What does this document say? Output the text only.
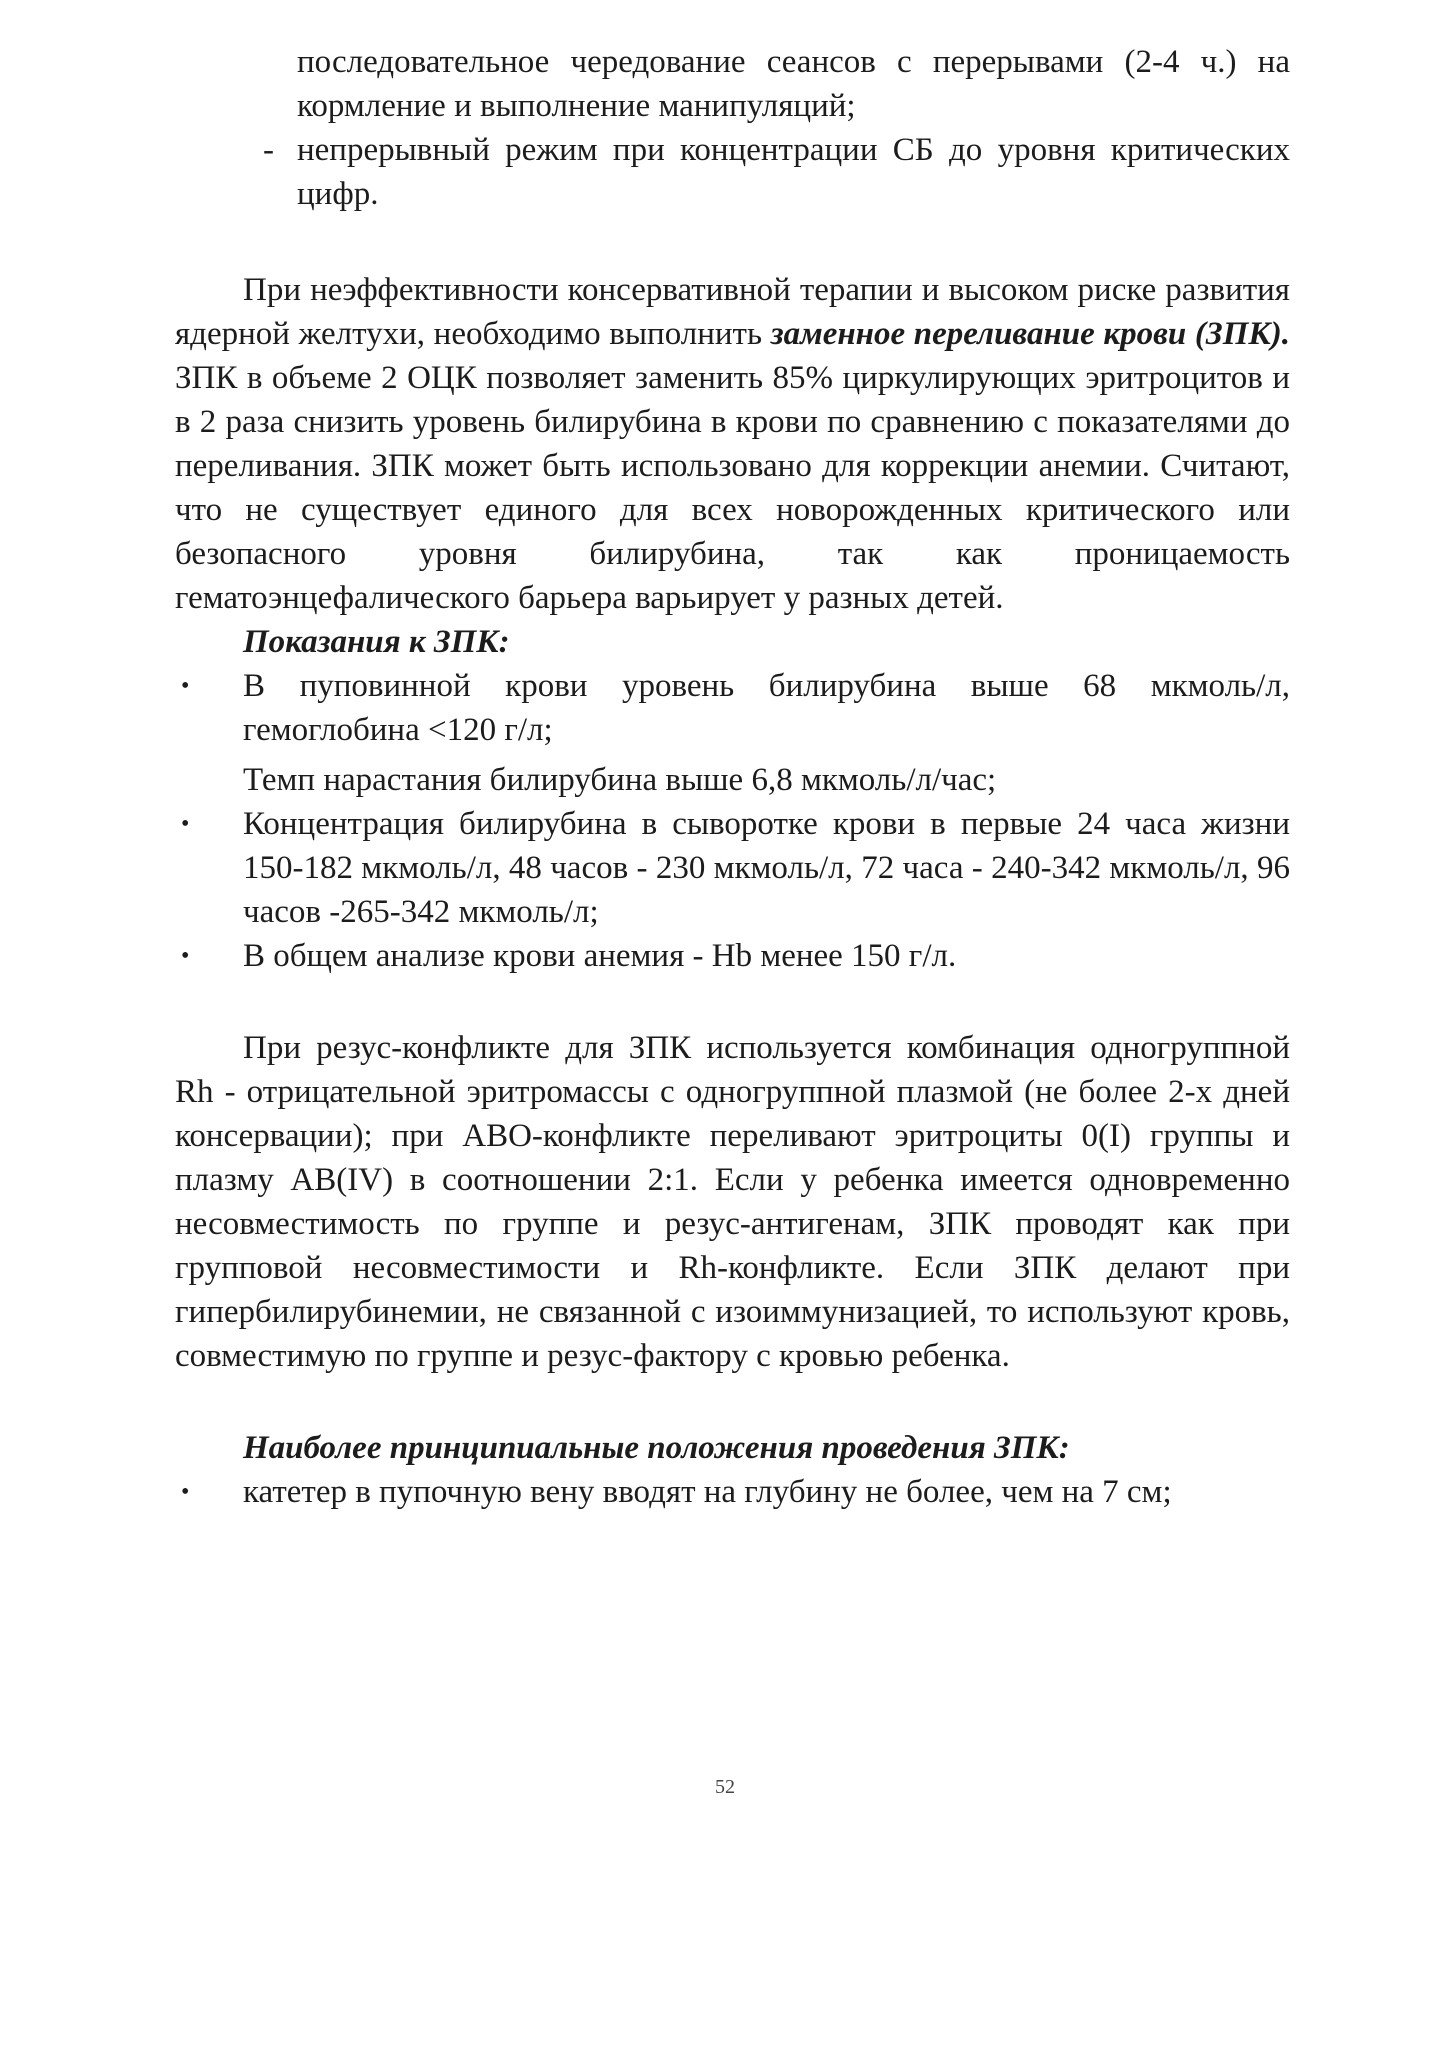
последовательное чередование сеансов с перерывами (2-4 ч.) на кормление и выполнение манипуляций;
- непрерывный режим при концентрации СБ до уровня критических цифр.

При неэффективности консервативной терапии и высоком риске развития ядерной желтухи, необходимо выполнить заменное переливание крови (ЗПК). ЗПК в объеме 2 ОЦК позволяет заменить 85% циркулирующих эритроцитов и в 2 раза снизить уровень билирубина в крови по сравнению с показателями до переливания. ЗПК может быть использовано для коррекции анемии. Считают, что не существует единого для всех новорожденных критического или безопасного уровня билирубина, так как проницаемость гематоэнцефалического барьера варьирует у разных детей.

Показания к ЗПК:

• В пуповинной крови уровень билирубина выше 68 мкмоль/л, гемоглобина <120 г/л;
Темп нарастания билирубина выше 6,8 мкмоль/л/час;
• Концентрация билирубина в сыворотке крови в первые 24 часа жизни 150-182 мкмоль/л, 48 часов - 230 мкмоль/л, 72 часа - 240-342 мкмоль/л, 96 часов -265-342 мкмоль/л;
• В общем анализе крови анемия - Hb менее 150 г/л.

При резус-конфликте для ЗПК используется комбинация одногруппной Rh - отрицательной эритромассы с одногруппной плазмой (не более 2-х дней консервации); при АВО-конфликте переливают эритроциты 0(I) группы и плазму АВ(IV) в соотношении 2:1. Если у ребенка имеется одновременно несовместимость по группе и резус-антигенам, ЗПК проводят как при групповой несовместимости и Rh-конфликте. Если ЗПК делают при гипербилирубинемии, не связанной с изоиммунизацией, то используют кровь, совместимую по группе и резус-фактору с кровью ребенка.

Наиболее принципиальные положения проведения ЗПК:

• катетер в пупочную вену вводят на глубину не более, чем на 7 см;
52
